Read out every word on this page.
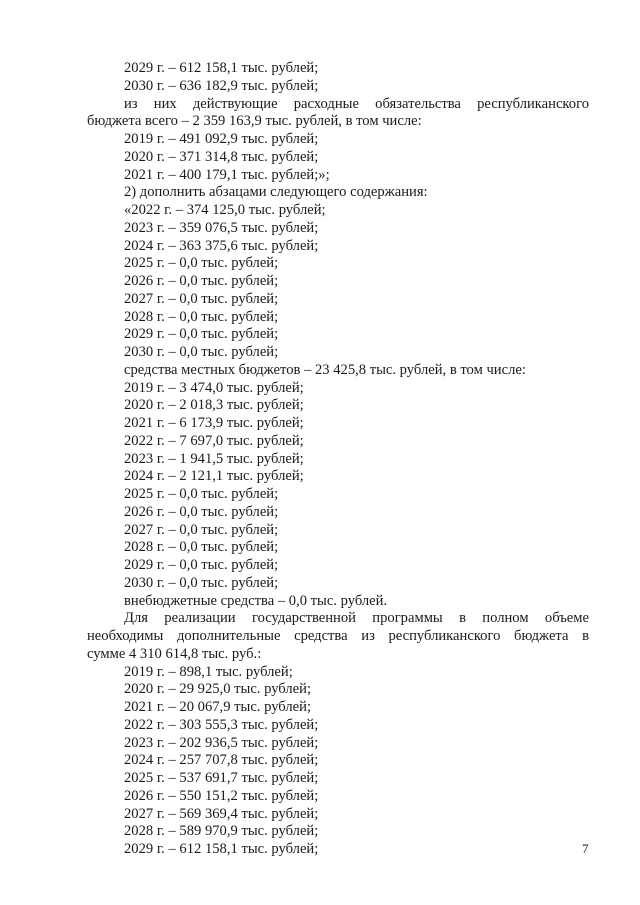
2029 г. – 612 158,1 тыс. рублей;
2030 г. – 636 182,9 тыс. рублей;
из них действующие расходные обязательства республиканского
бюджета всего – 2 359 163,9 тыс. рублей, в том числе:
2019 г. – 491 092,9 тыс. рублей;
2020 г. – 371 314,8 тыс. рублей;
2021 г. – 400 179,1 тыс. рублей;»;
2) дополнить абзацами следующего содержания:
«2022 г. – 374 125,0 тыс. рублей;
2023 г. – 359 076,5 тыс. рублей;
2024 г. – 363 375,6 тыс. рублей;
2025 г. – 0,0 тыс. рублей;
2026 г. – 0,0 тыс. рублей;
2027 г. – 0,0 тыс. рублей;
2028 г. – 0,0 тыс. рублей;
2029 г. – 0,0 тыс. рублей;
2030 г. – 0,0 тыс. рублей;
средства местных бюджетов – 23 425,8 тыс. рублей, в том числе:
2019 г. – 3 474,0 тыс. рублей;
2020 г. – 2 018,3 тыс. рублей;
2021 г. – 6 173,9 тыс. рублей;
2022 г. – 7 697,0 тыс. рублей;
2023 г. – 1 941,5 тыс. рублей;
2024 г. – 2 121,1 тыс. рублей;
2025 г. – 0,0 тыс. рублей;
2026 г. – 0,0 тыс. рублей;
2027 г. – 0,0 тыс. рублей;
2028 г. – 0,0 тыс. рублей;
2029 г. – 0,0 тыс. рублей;
2030 г. – 0,0 тыс. рублей;
внебюджетные средства – 0,0 тыс. рублей.
Для реализации государственной программы в полном объеме
необходимы дополнительные средства из республиканского бюджета в
сумме 4 310 614,8 тыс. руб.:
2019 г. – 898,1 тыс. рублей;
2020 г. – 29 925,0 тыс. рублей;
2021 г. – 20 067,9 тыс. рублей;
2022 г. – 303 555,3 тыс. рублей;
2023 г. – 202 936,5 тыс. рублей;
2024 г. – 257 707,8 тыс. рублей;
2025 г. – 537 691,7 тыс. рублей;
2026 г. – 550 151,2 тыс. рублей;
2027 г. – 569 369,4 тыс. рублей;
2028 г. – 589 970,9 тыс. рублей;
2029 г. – 612 158,1 тыс. рублей;	7
